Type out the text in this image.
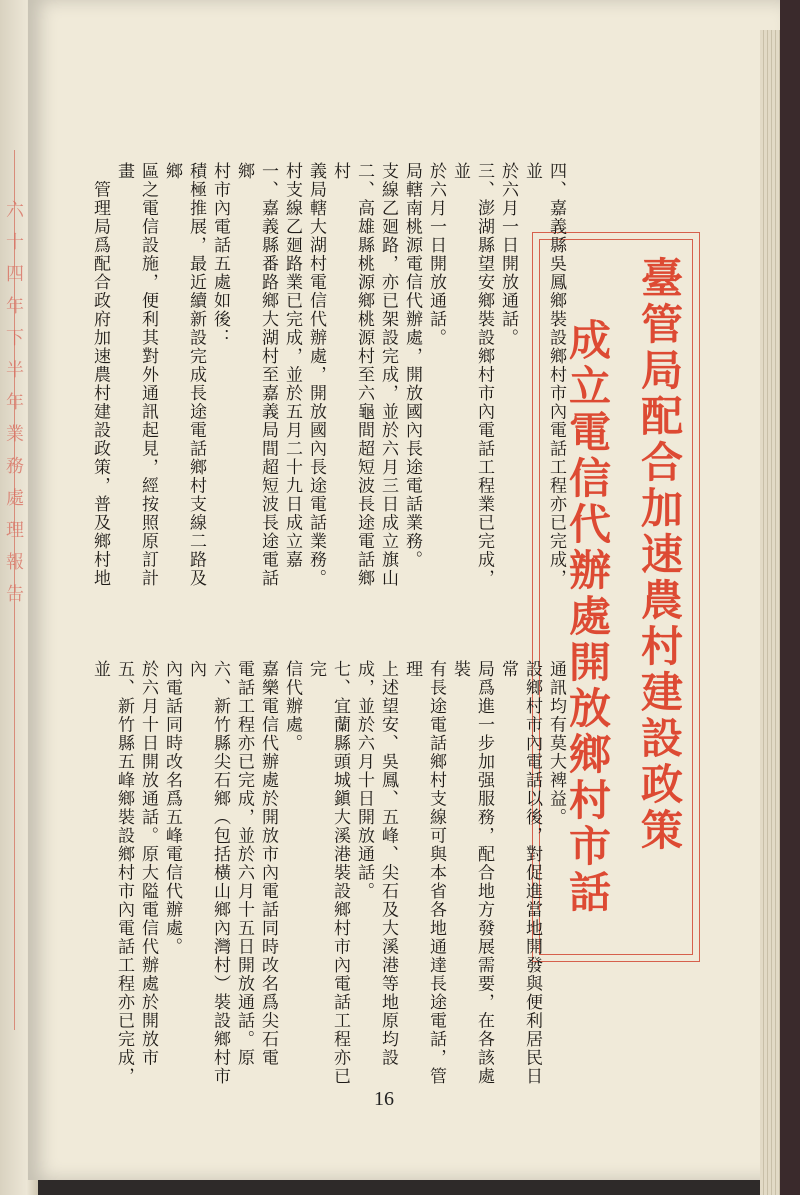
六十四年下半年業務處理報告	臺管局配合加速農村建設政策
成立電信代辦處開放鄉村市話
四、嘉義縣吳鳳鄉裝設鄉村市內電話工程亦已完成，並
於六月一日開放通話。
三、澎湖縣望安鄉裝設鄉村市內電話工程業已完成，並
於六月一日開放通話。
局轄南桃源電信代辦處，開放國內長途電話業務。
支線乙廻路，亦已架設完成，並於六月三日成立旗山
二、高雄縣桃源鄉桃源村至六龜間超短波長途電話鄉村
義局轄大湖村電信代辦處，開放國內長途電話業務。
村支線乙廻路業已完成，並於五月二十九日成立嘉
一、嘉義縣番路鄉大湖村至嘉義局間超短波長途電話鄉
村市內電話五處如後：
積極推展，最近續新設完成長途電話鄉村支線二路及鄉
區之電信設施，便利其對外通訊起見，經按照原訂計畫
　管理局爲配合政府加速農村建設政策，普及鄉村地
通訊均有莫大裨益。
設鄉村市內電話以後，對促進當地開發與便利居民日常
局爲進一步加强服務，配合地方發展需要，在各該處裝
有長途電話鄉村支線可與本省各地通達長途電話，管理
上述望安、吳鳳、五峰、尖石及大溪港等地原均設
成，並於六月十日開放通話。
七、宜蘭縣頭城鎭大溪港裝設鄉村市內電話工程亦已完
信代辦處。
嘉樂電信代辦處於開放市內電話同時改名爲尖石電
電話工程亦已完成，並於六月十五日開放通話。原
六、新竹縣尖石鄉（包括橫山鄉內灣村）裝設鄉村市內
內電話同時改名爲五峰電信代辦處。
於六月十日開放通話。原大隘電信代辦處於開放市
五、新竹縣五峰鄉裝設鄉村市內電話工程亦已完成，並
16
